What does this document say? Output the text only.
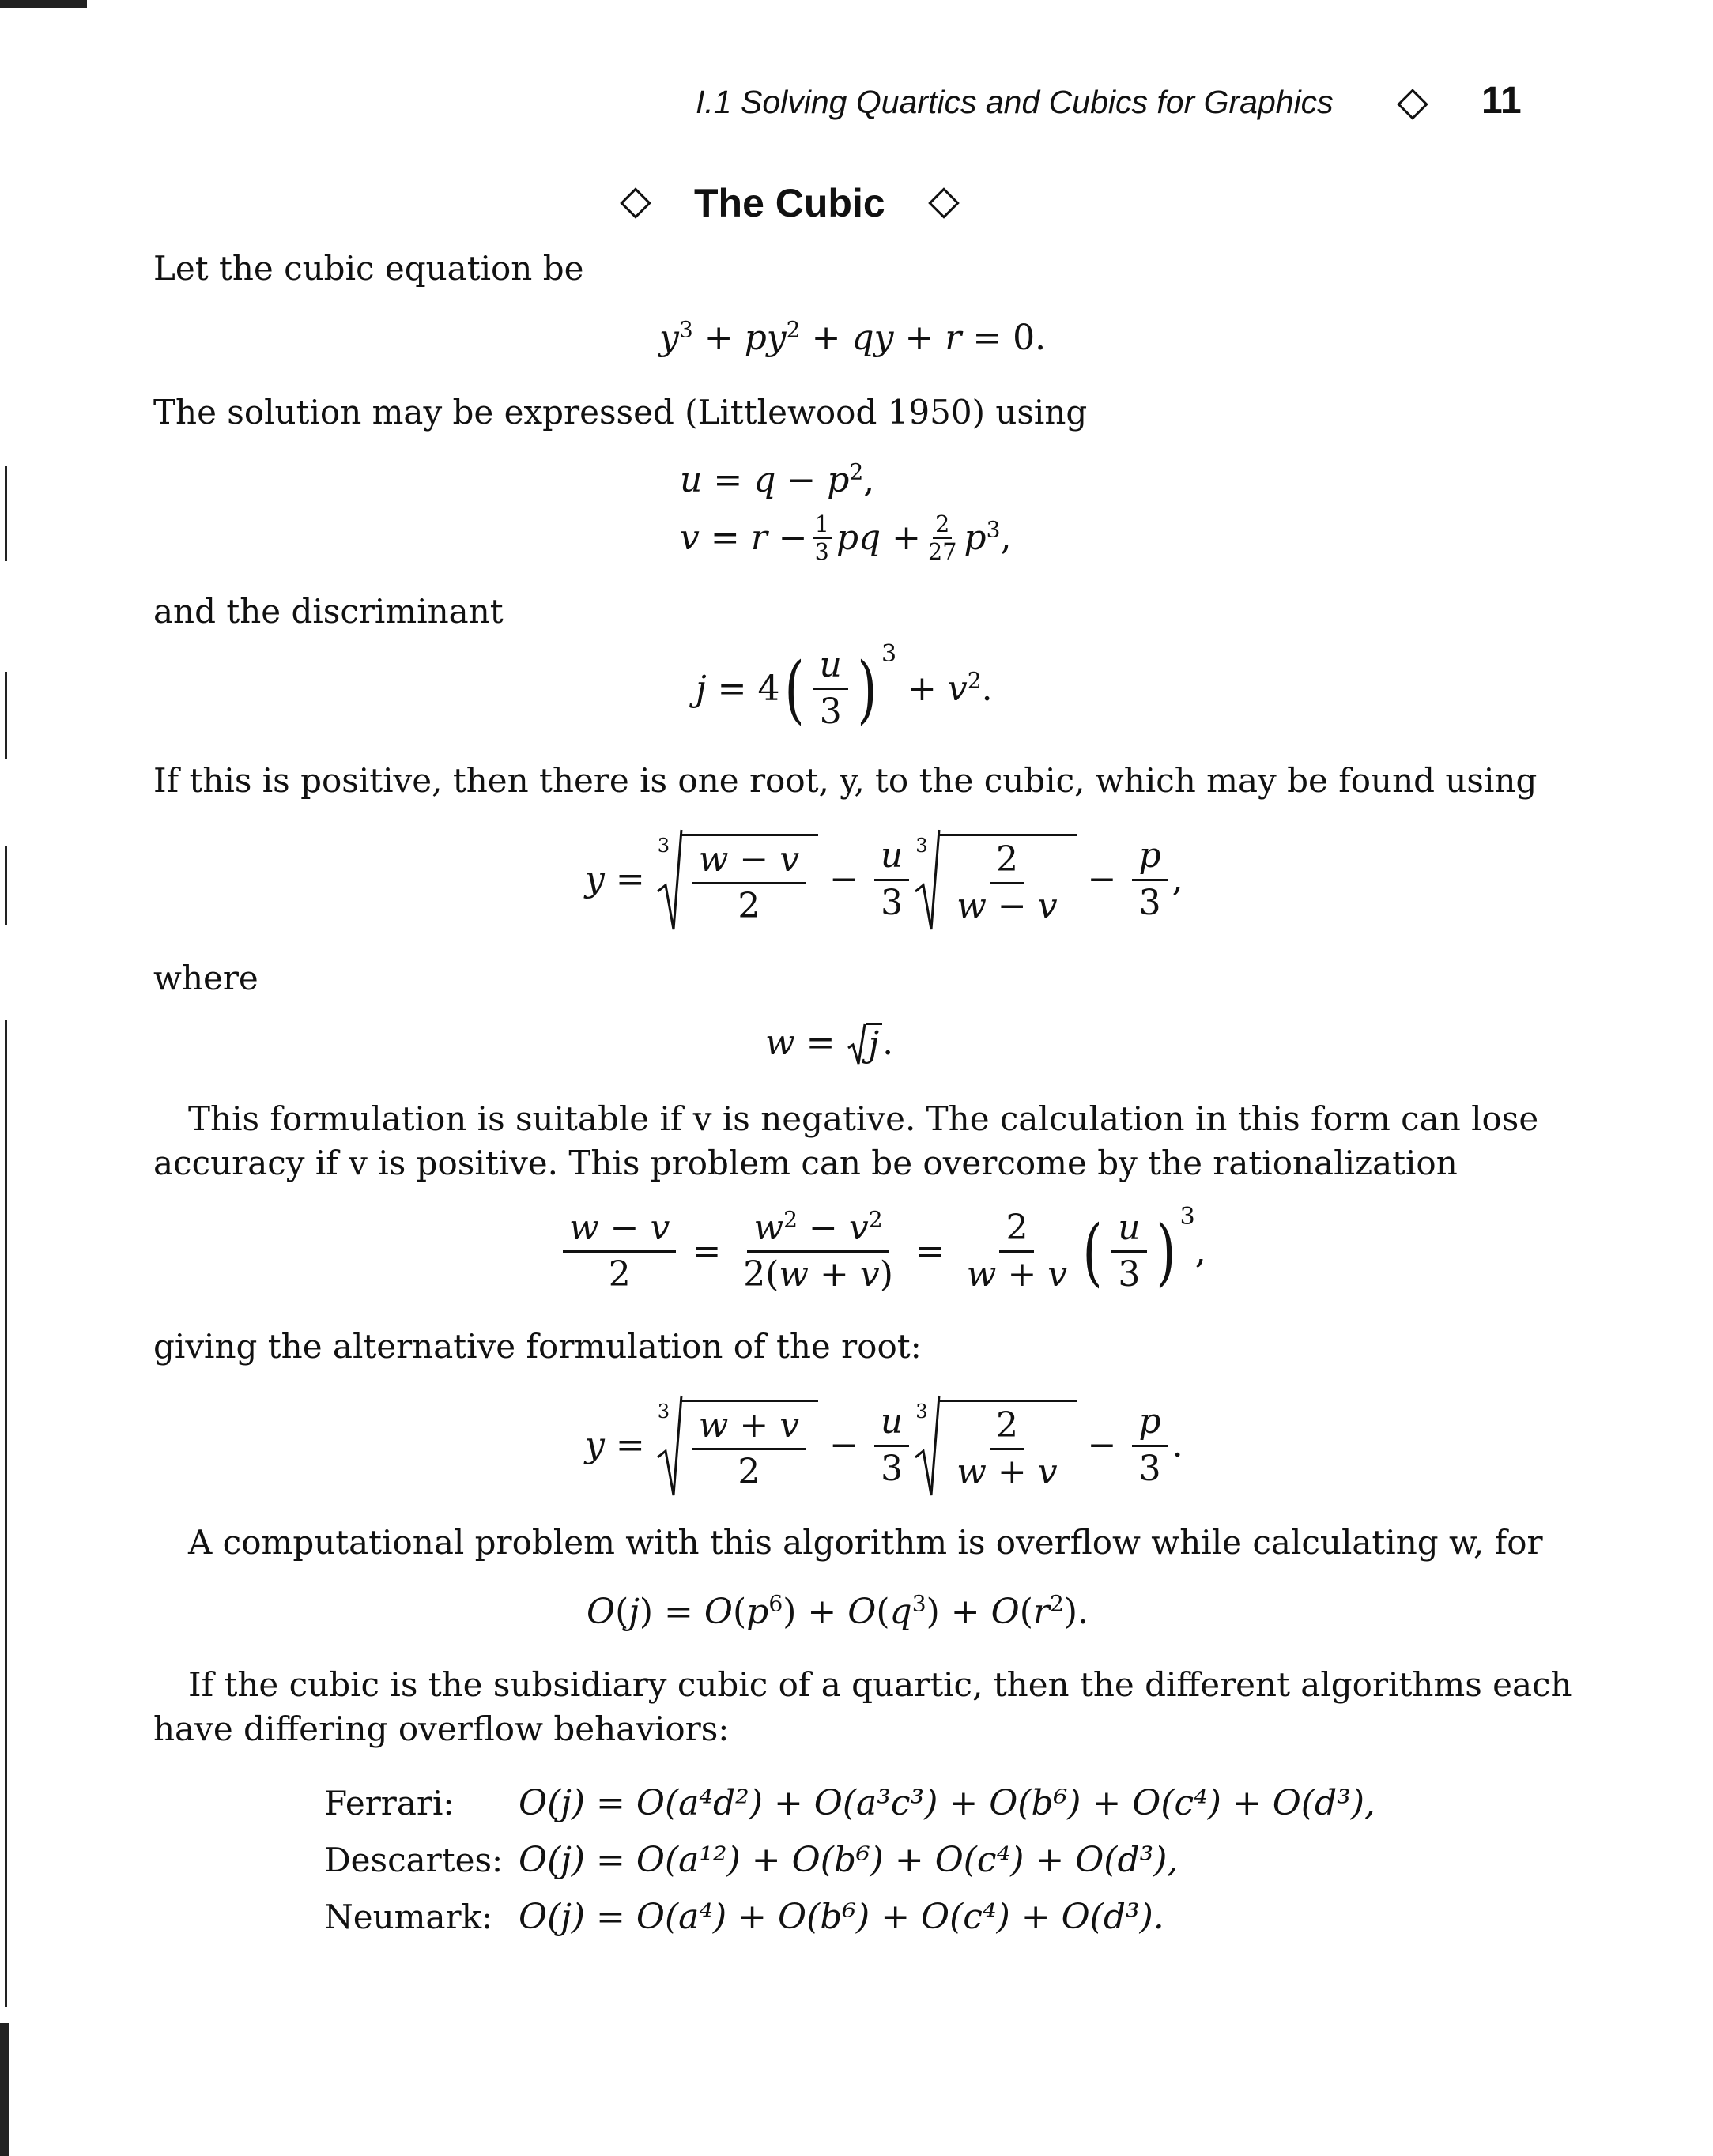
I.1 Solving Quartics and Cubics for Graphics	11
The Cubic
Let the cubic equation be
$y^3 + py^2$ + qy + r = 0.
The solution may be expressed (Littlewood 1950) using
$u = q - p^2$,
$v = r - \frac{1}{3}$ pq + $\frac{2}{27} p^3$,
and the discriminant
j = 4 ( $\frac{u}{3}$ ) 3
+ $v^2$.
If this is positive, then there is one root, y, to the cubic, which may be found using
y =
$3 \frac{w - v}{2} - \frac{u}{3} 3 \frac{2}{w - v} - \frac{p}{3}$ ,
where
w = j .
This formulation is suitable if v is negative. The calculation in this form can lose
accuracy if v is positive. This problem can be overcome by the rationalization
$\frac{w - v}{2} = \frac{w^2 - v^2}{2(w + v)} = \frac{2}{w + v}$ ( $\frac{u}{3}$ ) 3
,
giving the alternative formulation of the root:
y =
$3 \frac{w + v}{2} - \frac{u}{3} 3 \frac{2}{w + v} - \frac{p}{3}$ .
A computational problem with this algorithm is overflow while calculating w, for
$O(j) = O(p^6) + O(q^3) + O(r^2)$.
If the cubic is the subsidiary cubic of a quartic, then the different algorithms each
have differing overflow behaviors:
Ferrari:	O(j) = O(a⁴d²) + O(a³c³) + O(b⁶) + O(c⁴) + O(d³),
Descartes: O(j) = O(a¹²) + O(b⁶) + O(c⁴) + O(d³),
Neumark: O(j) = O(a⁴) + O(b⁶) + O(c⁴) + O(d³).
